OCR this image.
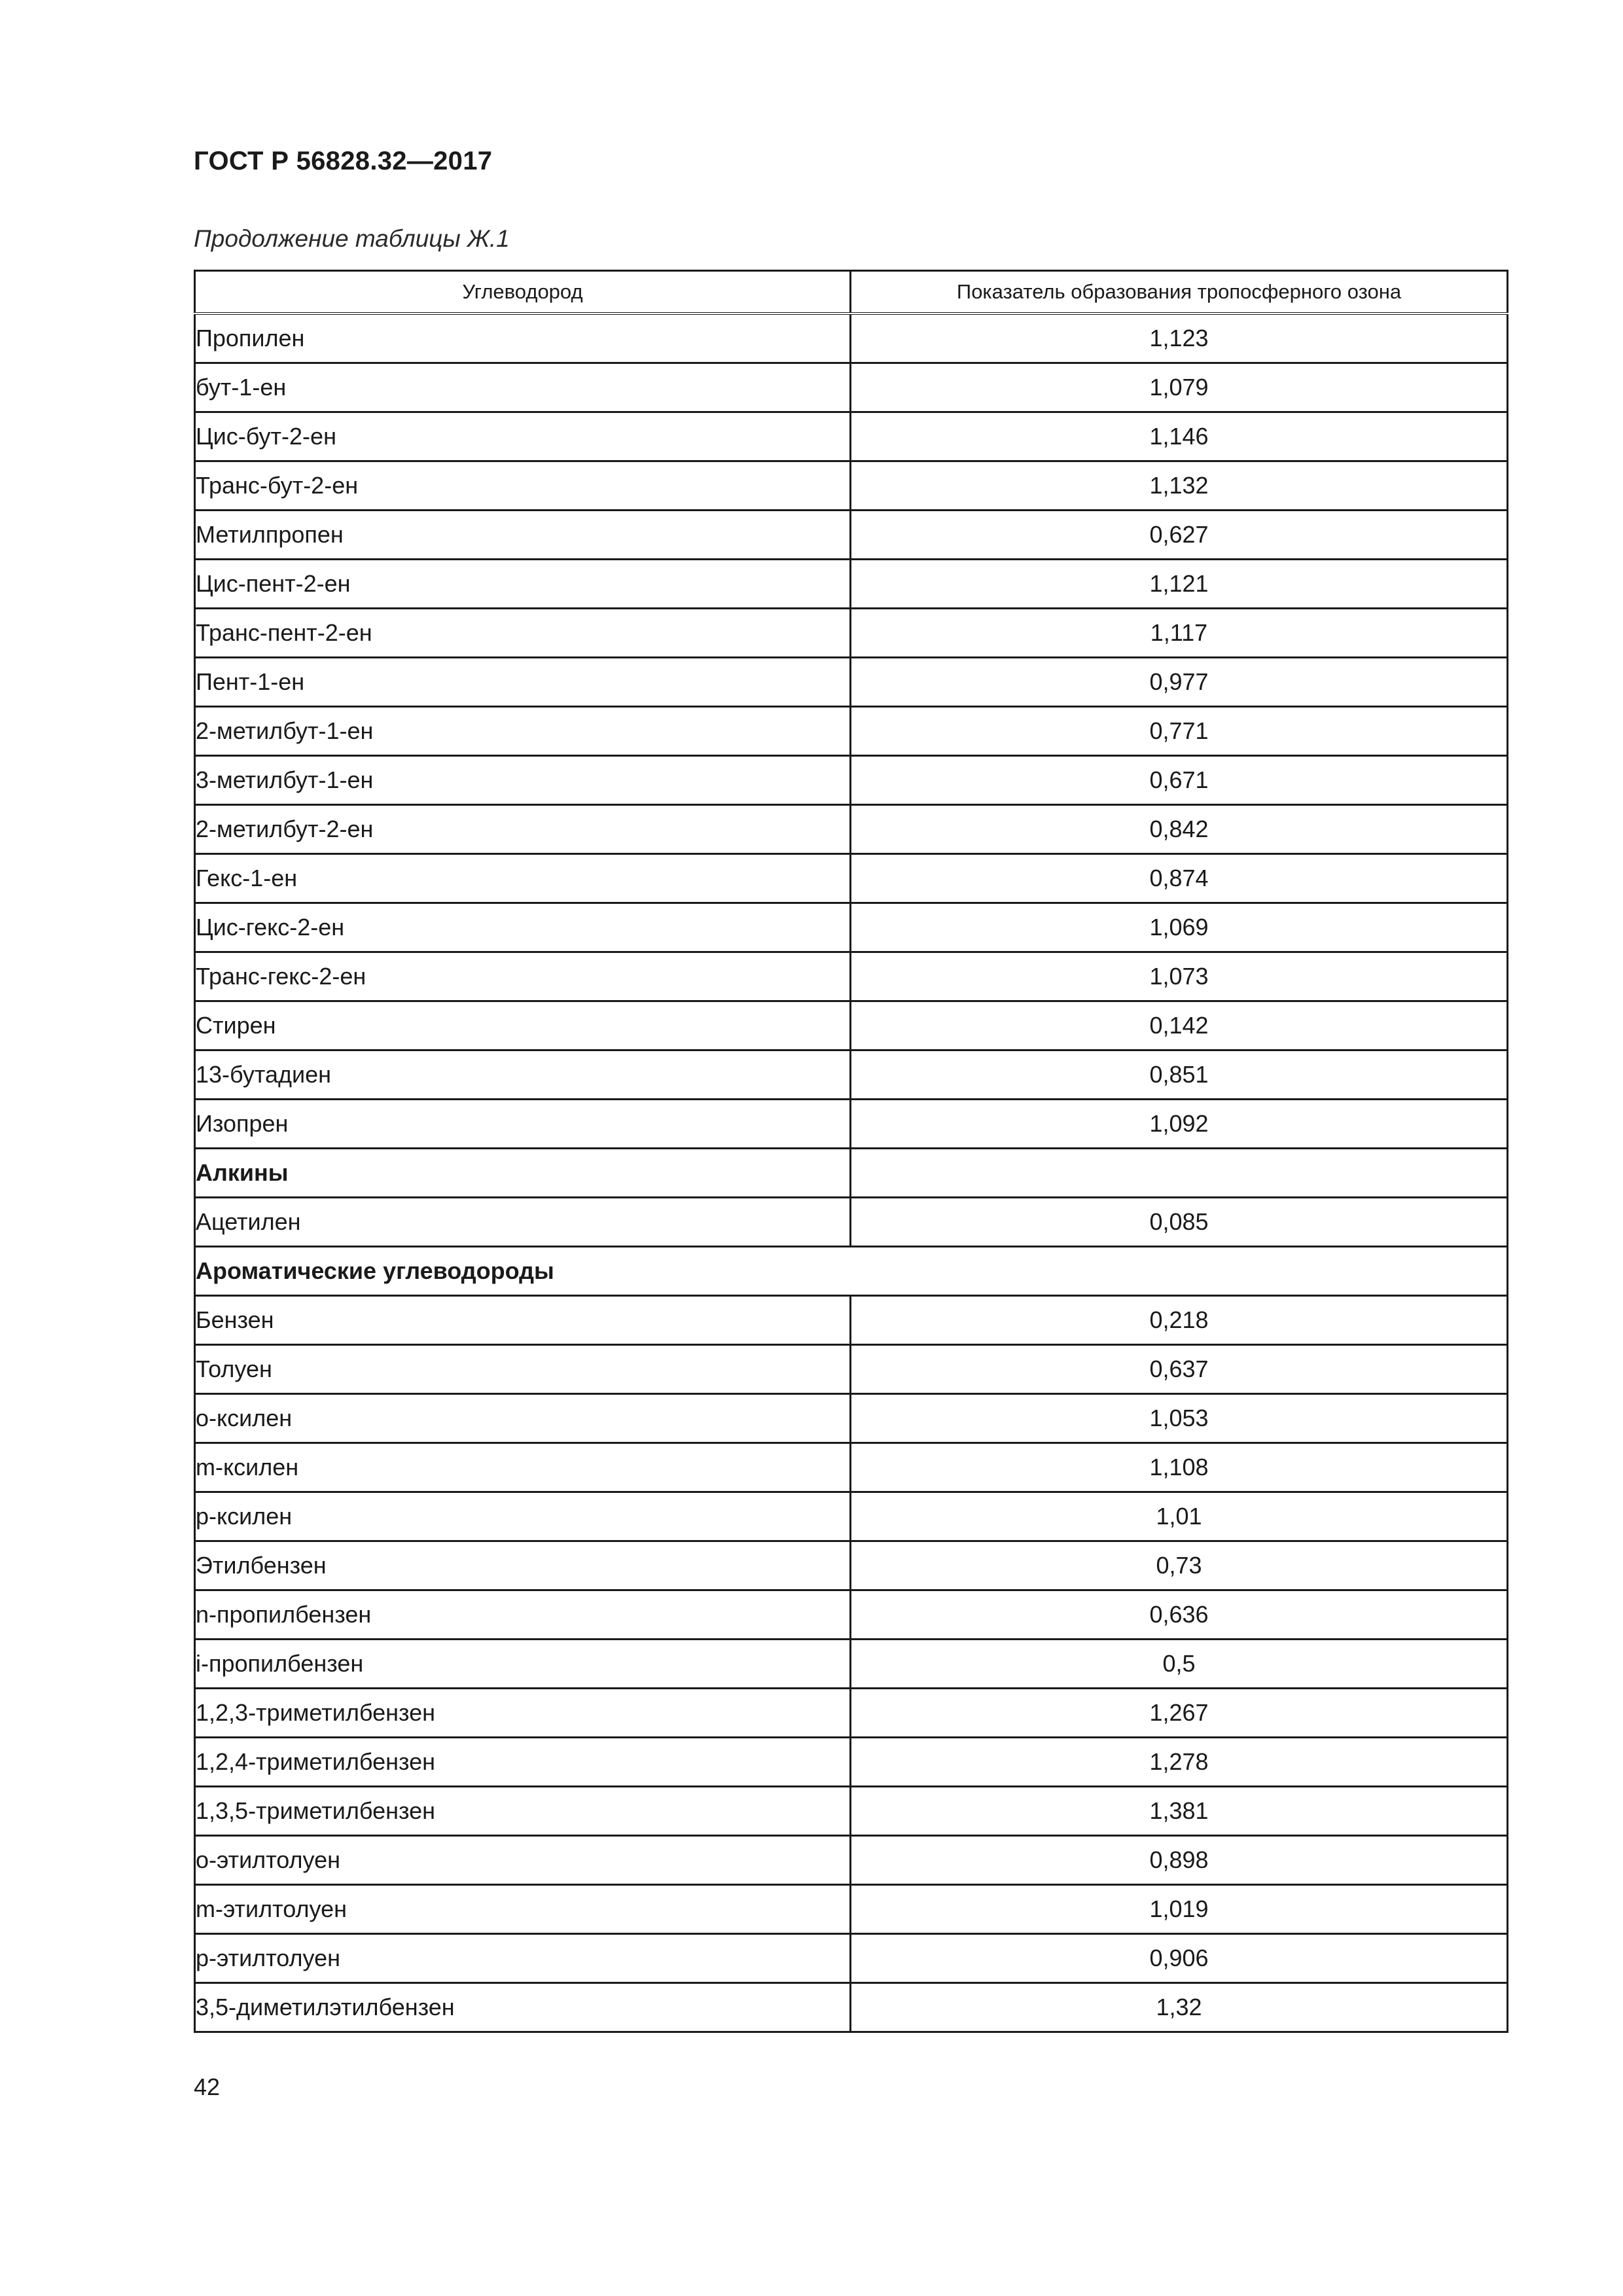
ГОСТ Р 56828.32—2017
Продолжение таблицы Ж.1
Углеводород	Показатель образования тропосферного озона
Пропилен	1,123
бут-1-ен	1,079
Цис-бут-2-ен	1,146
Транс-бут-2-ен	1,132
Метилпропен	0,627
Цис-пент-2-ен	1,121
Транс-пент-2-ен	1,117
Пент-1-ен	0,977
2-метилбут-1-ен	0,771
3-метилбут-1-ен	0,671
2-метилбут-2-ен	0,842
Гекс-1-ен	0,874
Цис-гекс-2-ен	1,069
Транс-гекс-2-ен	1,073
Стирен	0,142
13-бутадиен	0,851
Изопрен	1,092
Алкины	
Ацетилен	0,085
Ароматические углеводороды	
Бензен	0,218
Толуен	0,637
о-ксилен	1,053
m-ксилен	1,108
р-ксилен	1,01
Этилбензен	0,73
n-пропилбензен	0,636
i-пропилбензен	0,5
1,2,3-триметилбензен	1,267
1,2,4-триметилбензен	1,278
1,3,5-триметилбензен	1,381
о-этилтолуен	0,898
m-этилтолуен	1,019
р-этилтолуен	0,906
3,5-диметилэтилбензен	1,32
42
